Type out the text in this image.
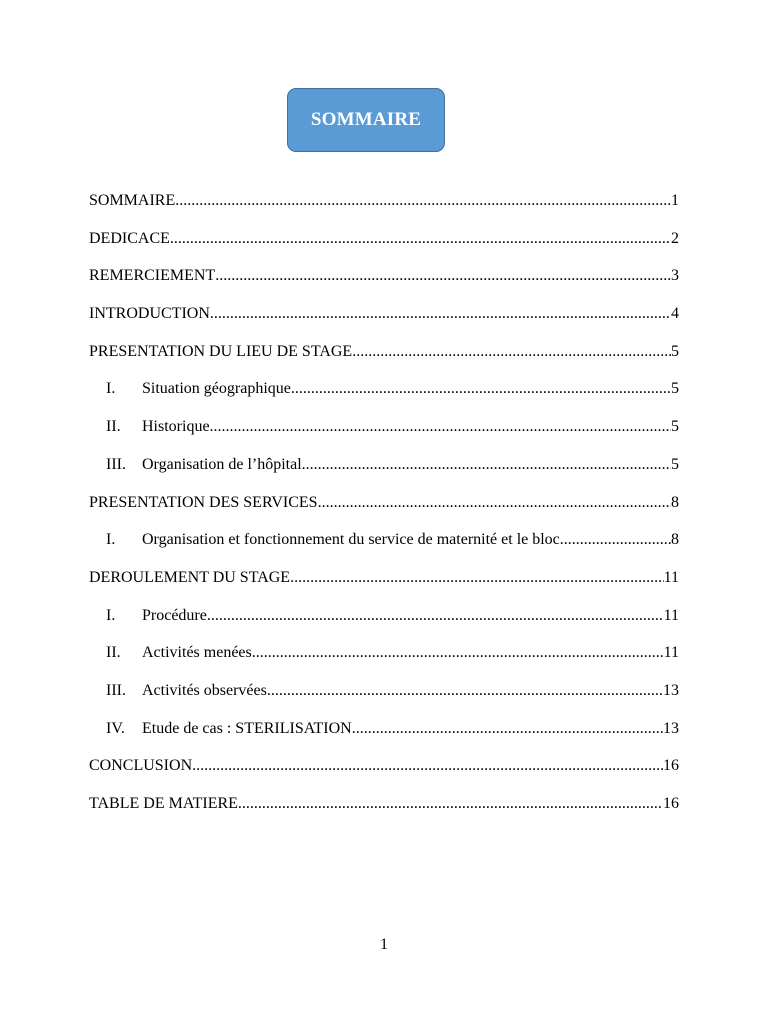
SOMMAIRE
SOMMAIRE .....	1
DEDICACE .....	2
REMERCIEMENT .....	3
INTRODUCTION .....	4
PRESENTATION DU LIEU DE STAGE .....	5
I.	Situation géographique .....	5
II.	Historique .....	5
III.	Organisation de l’hôpital .....	5
PRESENTATION DES SERVICES .....	8
I.	Organisation et fonctionnement du service de maternité et le bloc .....	8
DEROULEMENT DU STAGE .....	11
I.	Procédure .....	11
II.	Activités menées .....	11
III.	Activités observées .....	13
IV.	Etude de cas : STERILISATION .....	13
CONCLUSION .....	16
TABLE DE MATIERE .....	16
1
